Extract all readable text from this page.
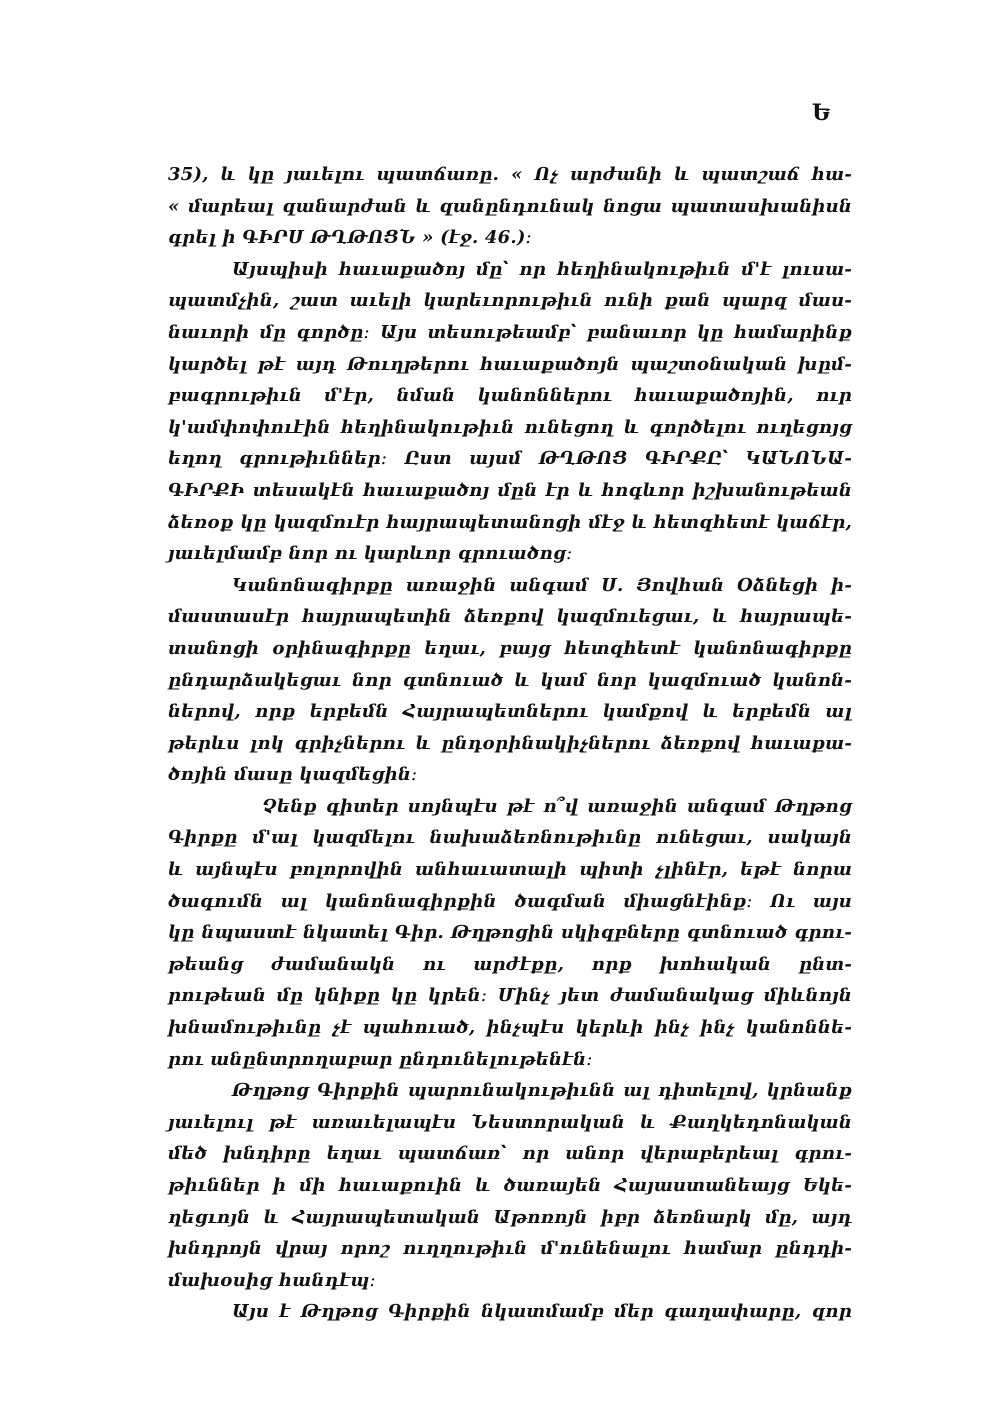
Ե
35), և կը յաւելու պատճառը. « Ոչ արժանի և պատշաճ հա-
« մարեալ զանարժան և զանընդունակ նոցա պատասխանիսն
գրել ի ԳԻՐՍ ԹՂԹՈՑՆ » (էջ. 46.)։
Այսպիսի հաւաքածոյ մը՝ որ հեղինակութիւն մ'է լուսա-
պատմչին, շատ աւելի կարեւորութիւն ունի քան պարզ մաս-
նաւորի մը գործը։ Այս տեսութեամբ՝ բանաւոր կը համարինք
կարծել թէ այդ Թուղթերու հաւաքածոյն պաշտօնական խըմ-
բագրութիւն մ'էր, նման կանոններու հաւաքածոյին, ուր
կ'ամփոփուէին հեղինակութիւն ունեցող և գործելու ուղեցոյց
եղող գրութիւններ։ Ըստ այսմ ԹՂԹՈՑ ԳԻՐՔԸ՝ ԿԱՆՈՆԱ-
ԳԻՐՔԻ տեսակէն հաւաքածոյ մըն էր և հոգևոր իշխանութեան
ձեռօք կը կազմուէր հայրապետանոցի մէջ և հետզհետէ կաճէր,
յաւելմամբ նոր ու կարևոր գրուածոց։
Կանոնագիրքը առաջին անգամ Ս. Յովհան Օձնեցի ի-
մաստասէր հայրապետին ձեռքով կազմուեցաւ, և հայրապե-
տանոցի օրինագիրքը եղաւ, բայց հետզհետէ կանոնագիրքը
ընդարձակեցաւ նոր գտնուած և կամ նոր կազմուած կանոն-
ներով, որք երբեմն Հայրապետներու կամքով և երբեմն ալ
թերևս լոկ գրիչներու և ընդօրինակիչներու ձեռքով հաւաքա-
ծոյին մասը կազմեցին։
Չենք գիտեր սոյնպէս թէ ո՞վ առաջին անգամ Թղթոց
Գիրքը մ'ալ կազմելու նախաձեռնութիւնը ունեցաւ, սակայն
և այնպէս բոլորովին անհաւատալի պիտի չլինէր, եթէ նորա
ծագումն ալ կանոնագիրքին ծագման միացնէինք։ Ու այս
կը նպաստէ նկատել Գիր. Թղթոցին սկիզբները գտնուած գրու-
թեանց ժամանակն ու արժէքը, որք խոհական ընտ-
րութեան մը կնիքը կը կրեն։ Մինչ յետ ժամանակաց միևնոյն
խնամութիւնը չէ պահուած, ինչպէս կերևի ինչ ինչ կանոննե-
րու անընտրողաբար ընդունելութենէն։
Թղթոց Գիրքին պարունակութիւնն ալ դիտելով, կրնանք
յաւելուլ թէ առաւելապէս Նեստորական և Քաղկեդոնական
մեծ խնդիրը եղաւ պատճառ՝ որ անոր վերաբերեալ գրու-
թիւններ ի մի հաւաքուին և ծառայեն Հայաստանեայց Եկե-
ղեցւոյն և Հայրապետական Աթոռոյն իբր ձեռնարկ մը, այդ
խնդրոյն վրայ որոշ ուղղութիւն մ'ունենալու համար ընդդի-
մախօսից հանդէպ։
Այս է Թղթոց Գիրքին նկատմամբ մեր գաղափարը, զոր
